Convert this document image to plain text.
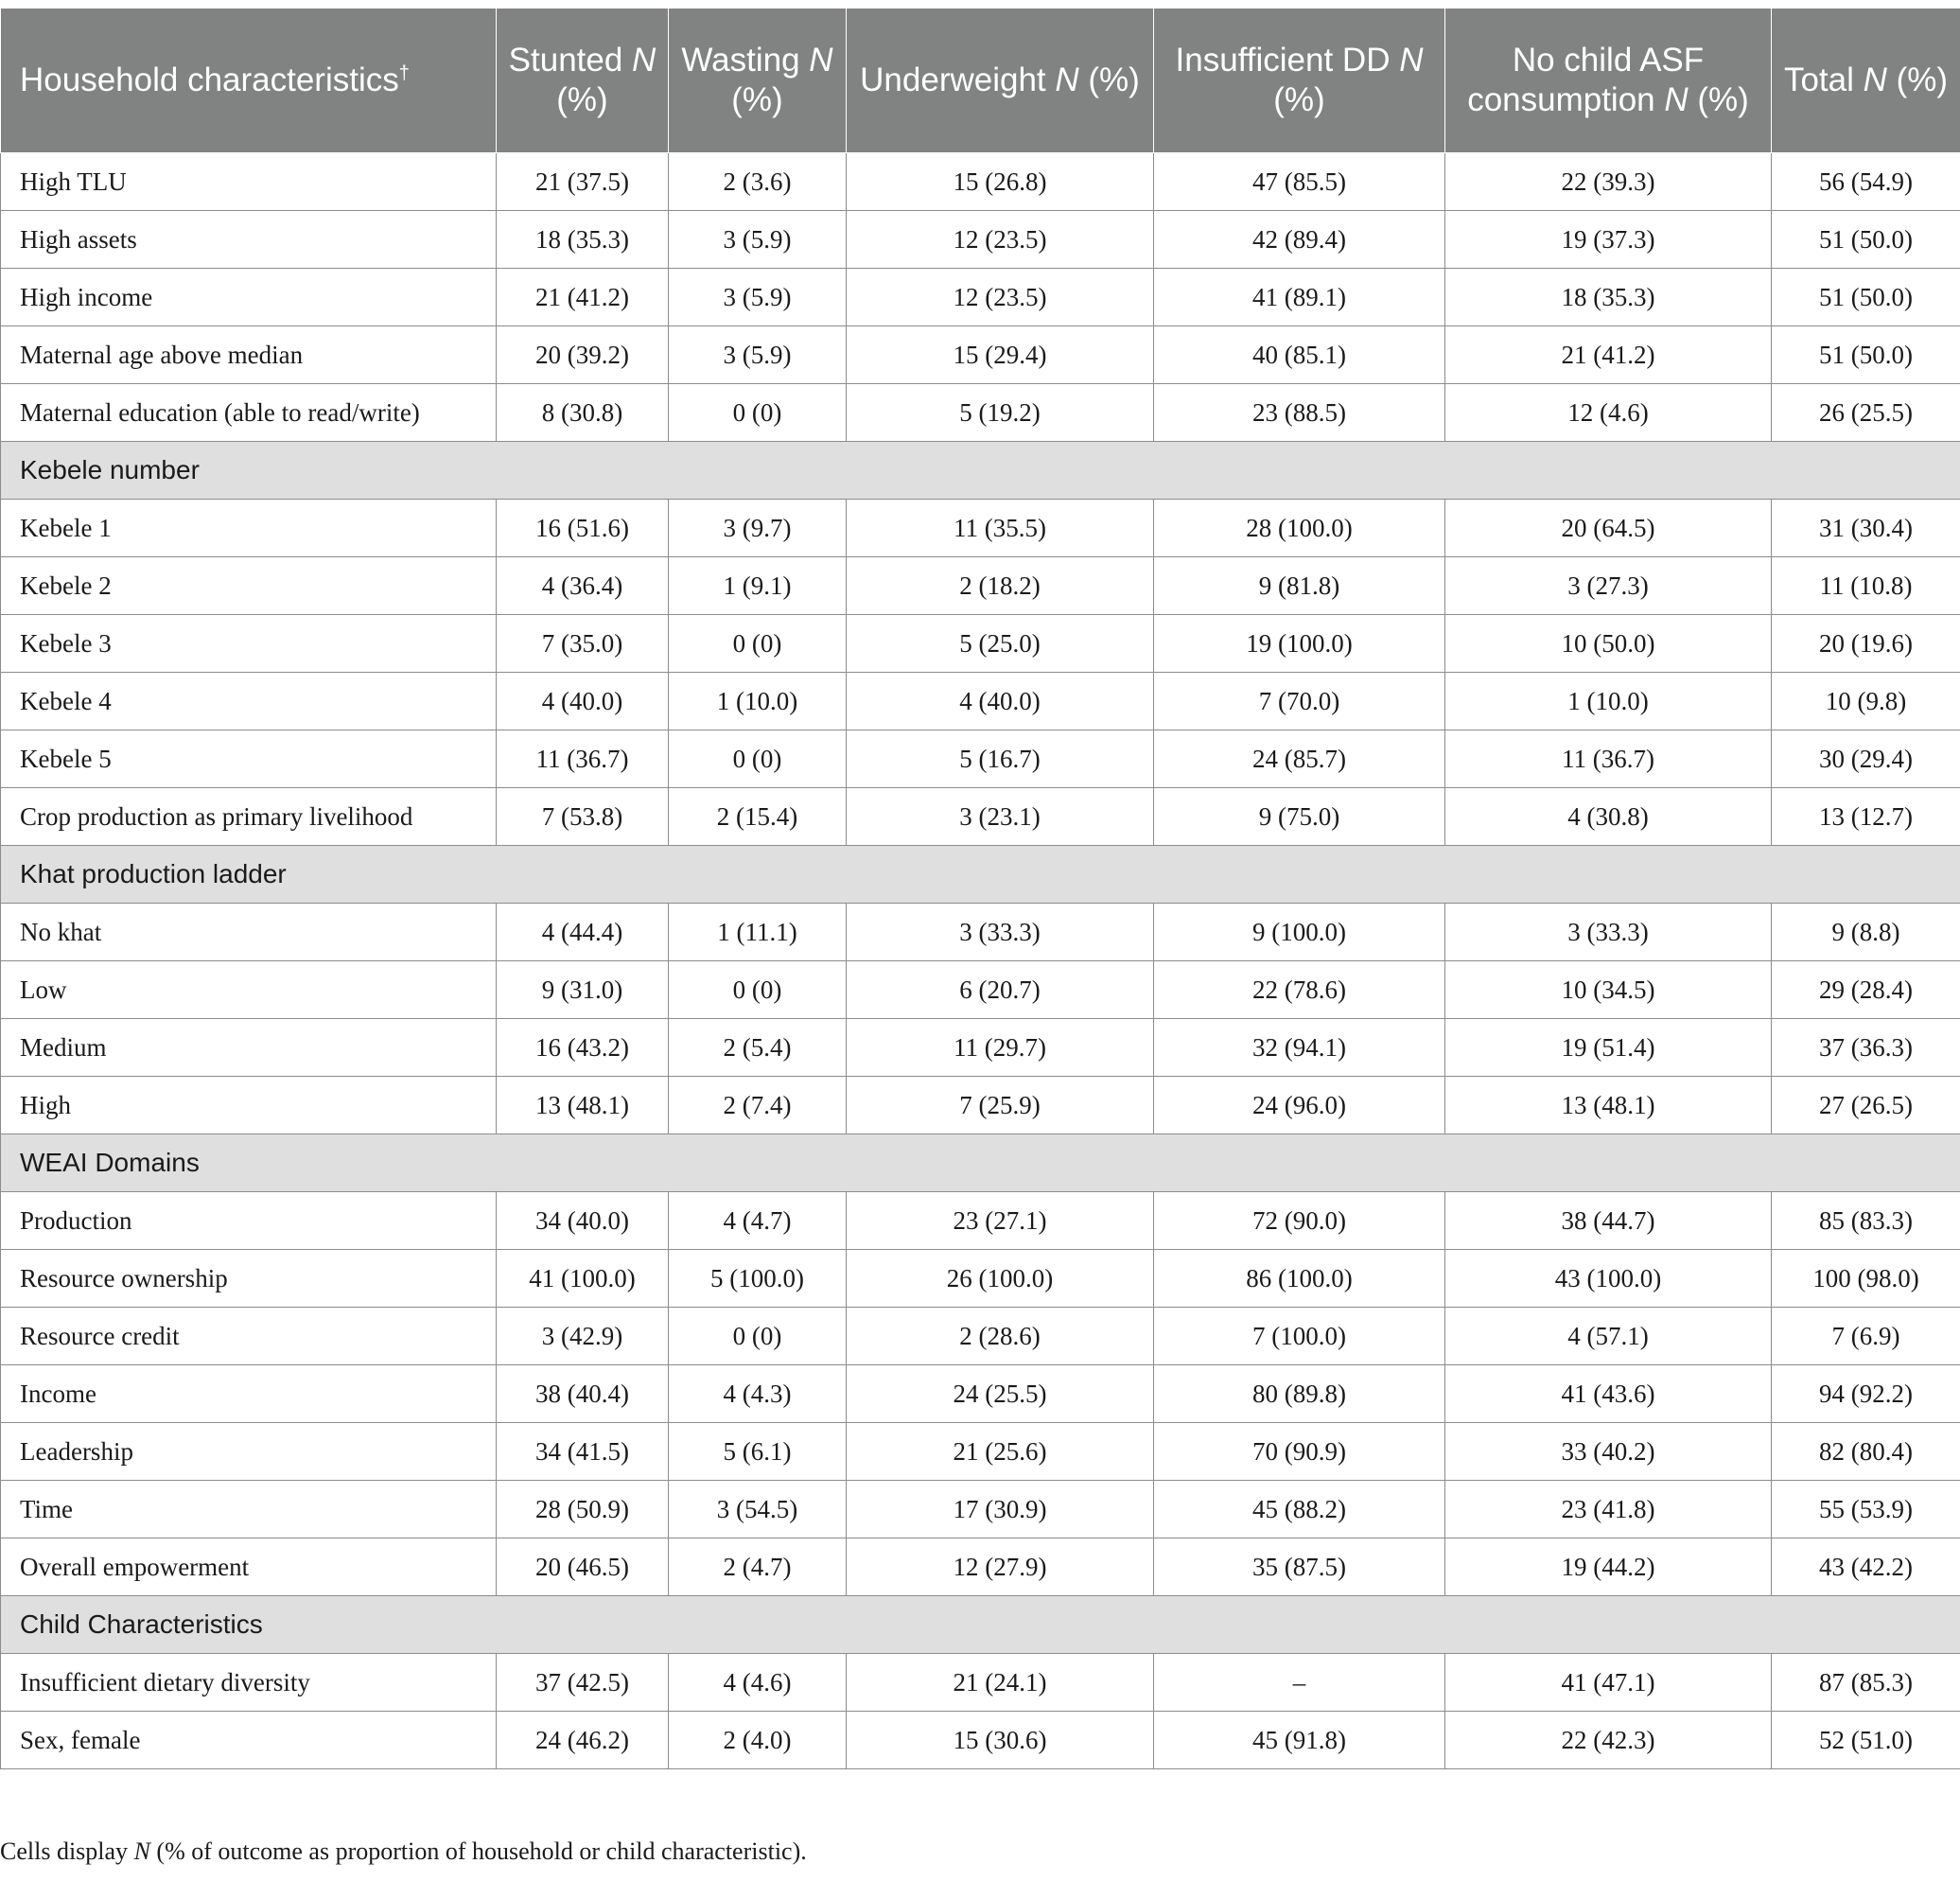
Household characteristics†	Stunted N (%)	Wasting N (%)	Underweight N (%)	Insufficient DD N (%)	No child ASF consumption N (%)	Total N (%)
High TLU	21 (37.5)	2 (3.6)	15 (26.8)	47 (85.5)	22 (39.3)	56 (54.9)
High assets	18 (35.3)	3 (5.9)	12 (23.5)	42 (89.4)	19 (37.3)	51 (50.0)
High income	21 (41.2)	3 (5.9)	12 (23.5)	41 (89.1)	18 (35.3)	51 (50.0)
Maternal age above median	20 (39.2)	3 (5.9)	15 (29.4)	40 (85.1)	21 (41.2)	51 (50.0)
Maternal education (able to read/write)	8 (30.8)	0 (0)	5 (19.2)	23 (88.5)	12 (4.6)	26 (25.5)
Kebele number						
Kebele 1	16 (51.6)	3 (9.7)	11 (35.5)	28 (100.0)	20 (64.5)	31 (30.4)
Kebele 2	4 (36.4)	1 (9.1)	2 (18.2)	9 (81.8)	3 (27.3)	11 (10.8)
Kebele 3	7 (35.0)	0 (0)	5 (25.0)	19 (100.0)	10 (50.0)	20 (19.6)
Kebele 4	4 (40.0)	1 (10.0)	4 (40.0)	7 (70.0)	1 (10.0)	10 (9.8)
Kebele 5	11 (36.7)	0 (0)	5 (16.7)	24 (85.7)	11 (36.7)	30 (29.4)
Crop production as primary livelihood	7 (53.8)	2 (15.4)	3 (23.1)	9 (75.0)	4 (30.8)	13 (12.7)
Khat production ladder						
No khat	4 (44.4)	1 (11.1)	3 (33.3)	9 (100.0)	3 (33.3)	9 (8.8)
Low	9 (31.0)	0 (0)	6 (20.7)	22 (78.6)	10 (34.5)	29 (28.4)
Medium	16 (43.2)	2 (5.4)	11 (29.7)	32 (94.1)	19 (51.4)	37 (36.3)
High	13 (48.1)	2 (7.4)	7 (25.9)	24 (96.0)	13 (48.1)	27 (26.5)
WEAI Domains						
Production	34 (40.0)	4 (4.7)	23 (27.1)	72 (90.0)	38 (44.7)	85 (83.3)
Resource ownership	41 (100.0)	5 (100.0)	26 (100.0)	86 (100.0)	43 (100.0)	100 (98.0)
Resource credit	3 (42.9)	0 (0)	2 (28.6)	7 (100.0)	4 (57.1)	7 (6.9)
Income	38 (40.4)	4 (4.3)	24 (25.5)	80 (89.8)	41 (43.6)	94 (92.2)
Leadership	34 (41.5)	5 (6.1)	21 (25.6)	70 (90.9)	33 (40.2)	82 (80.4)
Time	28 (50.9)	3 (54.5)	17 (30.9)	45 (88.2)	23 (41.8)	55 (53.9)
Overall empowerment	20 (46.5)	2 (4.7)	12 (27.9)	35 (87.5)	19 (44.2)	43 (42.2)
Child Characteristics						
Insufficient dietary diversity	37 (42.5)	4 (4.6)	21 (24.1)	–	41 (47.1)	87 (85.3)
Sex, female	24 (46.2)	2 (4.0)	15 (30.6)	45 (91.8)	22 (42.3)	52 (51.0)
Cells display N (% of outcome as proportion of household or child characteristic).
